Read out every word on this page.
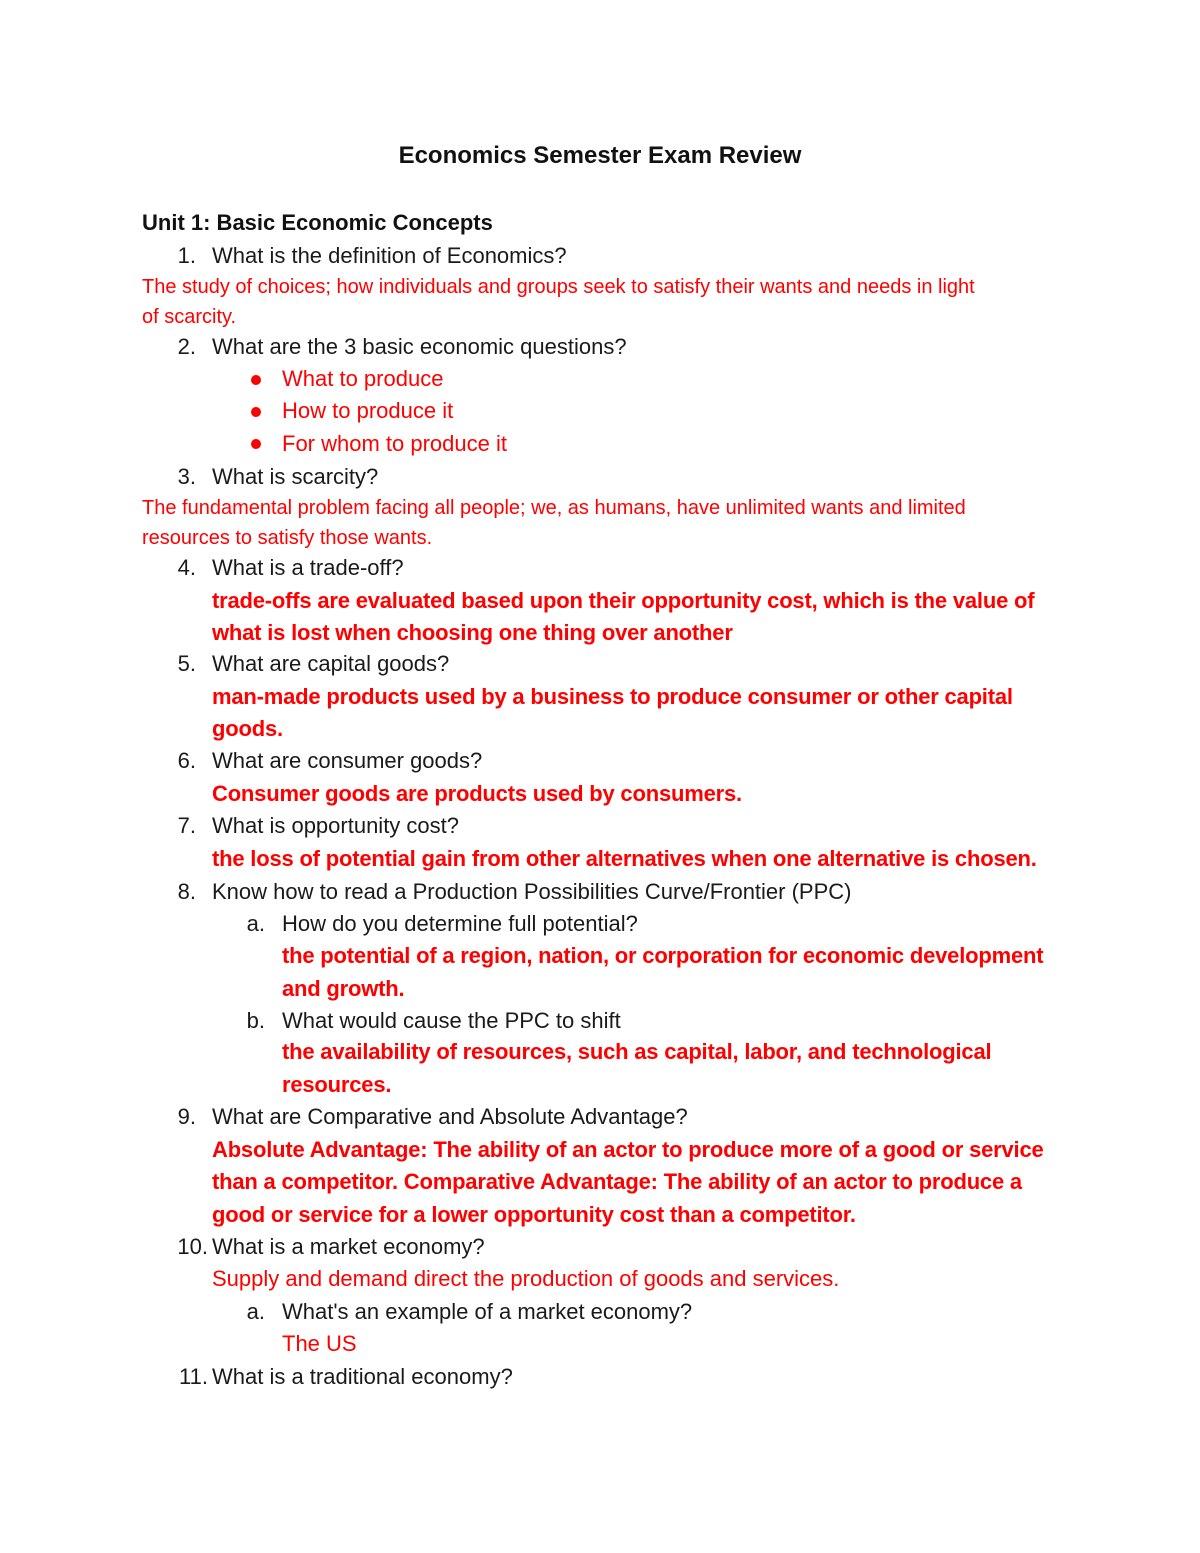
Economics Semester Exam Review
Unit 1: Basic Economic Concepts
1. What is the definition of Economics?
The study of choices; how individuals and groups seek to satisfy their wants and needs in light
of scarcity.
2. What are the 3 basic economic questions?
What to produce
How to produce it
For whom to produce it
3. What is scarcity?
The fundamental problem facing all people; we, as humans, have unlimited wants and limited
resources to satisfy those wants.
4. What is a trade-off?
trade-offs are evaluated based upon their opportunity cost, which is the value of
what is lost when choosing one thing over another
5. What are capital goods?
man-made products used by a business to produce consumer or other capital
goods.
6. What are consumer goods?
Consumer goods are products used by consumers.
7. What is opportunity cost?
the loss of potential gain from other alternatives when one alternative is chosen.
8. Know how to read a Production Possibilities Curve/Frontier (PPC)
a. How do you determine full potential?
the potential of a region, nation, or corporation for economic development
and growth.
b. What would cause the PPC to shift
the availability of resources, such as capital, labor, and technological
resources.
9. What are Comparative and Absolute Advantage?
Absolute Advantage: The ability of an actor to produce more of a good or service
than a competitor. Comparative Advantage: The ability of an actor to produce a
good or service for a lower opportunity cost than a competitor.
10. What is a market economy?
Supply and demand direct the production of goods and services.
a. What's an example of a market economy?
The US
11. What is a traditional economy?
